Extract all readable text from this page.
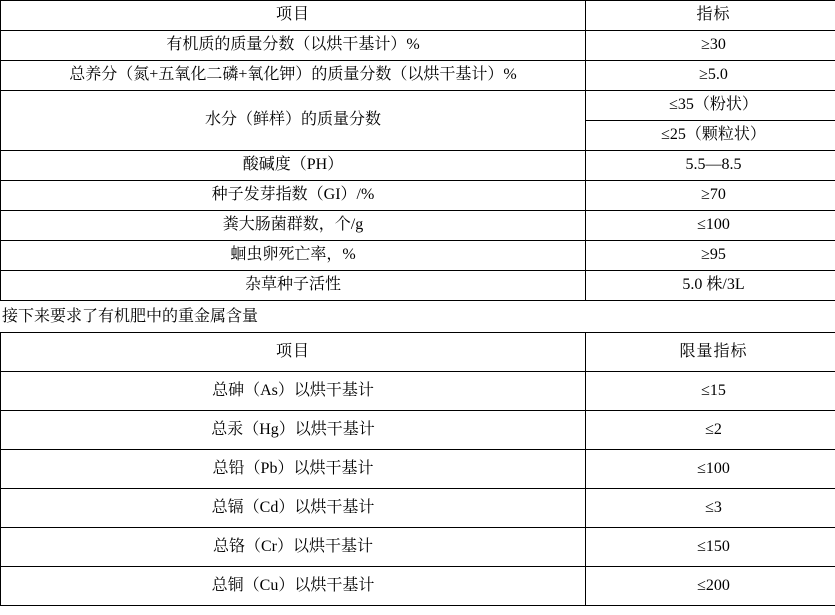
项目	指标
有机质的质量分数（以烘干基计）%	≥30
总养分（氮+五氧化二磷+氧化钾）的质量分数（以烘干基计）%	≥5.0
水分（鲜样）的质量分数	≤35（粉状）
	≤25（颗粒状）
酸碱度（PH）	5.5—8.5
种子发芽指数（GI）/%	≥70
粪大肠菌群数，个/g	≤100
蛔虫卵死亡率，%	≥95
杂草种子活性	5.0 株/3L
接下来要求了有机肥中的重金属含量
项目	限量指标
总砷（As）以烘干基计	≤15
总汞（Hg）以烘干基计	≤2
总铅（Pb）以烘干基计	≤100
总镉（Cd）以烘干基计	≤3
总铬（Cr）以烘干基计	≤150
总铜（Cu）以烘干基计	≤200
